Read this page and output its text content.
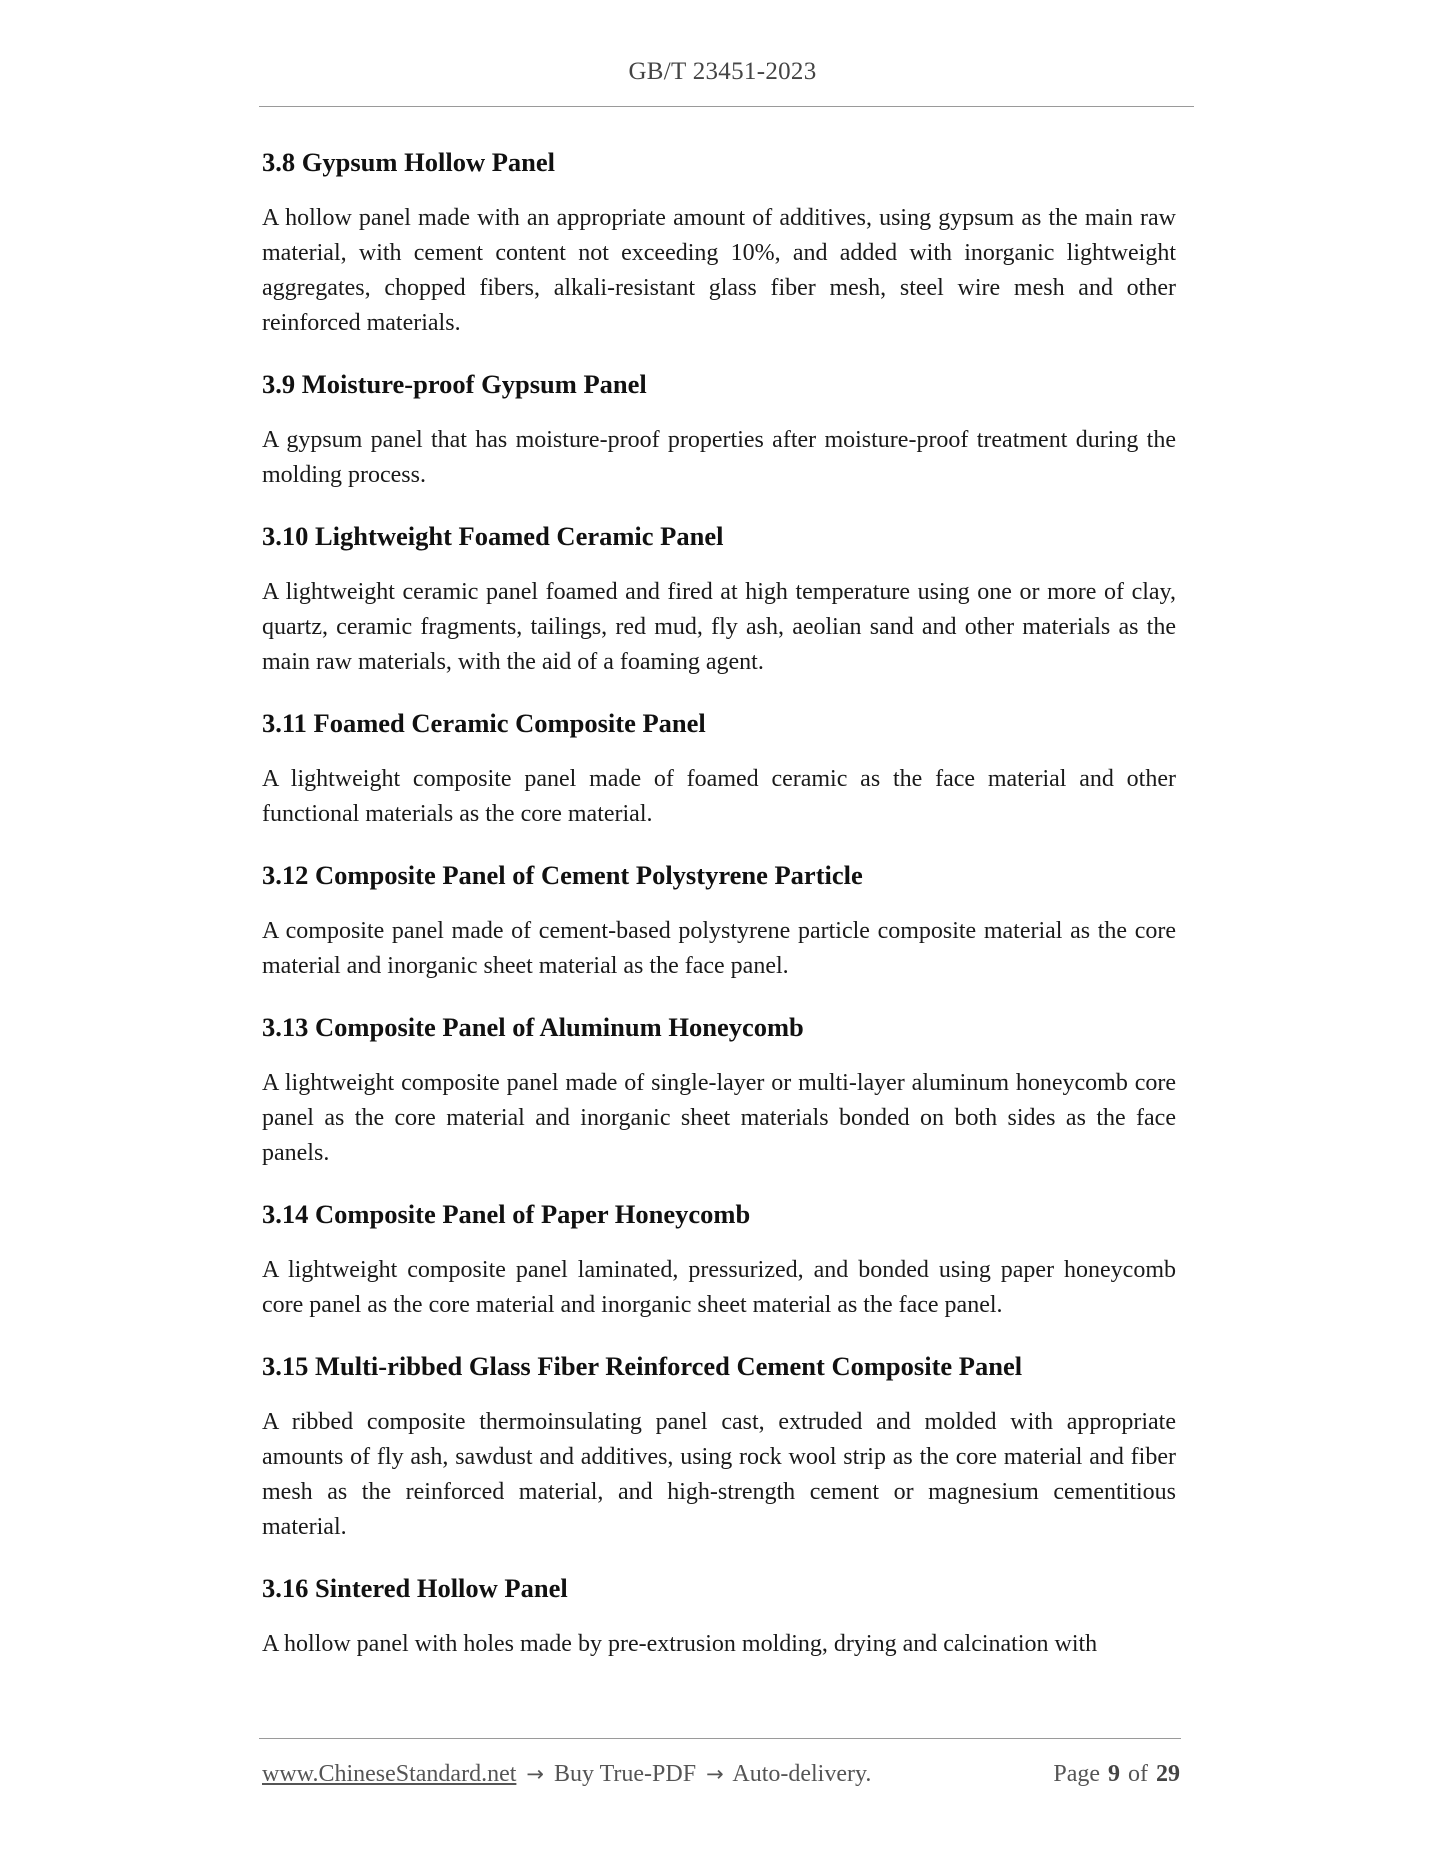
GB/T 23451-2023
3.8 Gypsum Hollow Panel
A hollow panel made with an appropriate amount of additives, using gypsum as the main raw material, with cement content not exceeding 10%, and added with inorganic lightweight aggregates, chopped fibers, alkali-resistant glass fiber mesh, steel wire mesh and other reinforced materials.
3.9 Moisture-proof Gypsum Panel
A gypsum panel that has moisture-proof properties after moisture-proof treatment during the molding process.
3.10 Lightweight Foamed Ceramic Panel
A lightweight ceramic panel foamed and fired at high temperature using one or more of clay, quartz, ceramic fragments, tailings, red mud, fly ash, aeolian sand and other materials as the main raw materials, with the aid of a foaming agent.
3.11 Foamed Ceramic Composite Panel
A lightweight composite panel made of foamed ceramic as the face material and other functional materials as the core material.
3.12 Composite Panel of Cement Polystyrene Particle
A composite panel made of cement-based polystyrene particle composite material as the core material and inorganic sheet material as the face panel.
3.13 Composite Panel of Aluminum Honeycomb
A lightweight composite panel made of single-layer or multi-layer aluminum honeycomb core panel as the core material and inorganic sheet materials bonded on both sides as the face panels.
3.14 Composite Panel of Paper Honeycomb
A lightweight composite panel laminated, pressurized, and bonded using paper honeycomb core panel as the core material and inorganic sheet material as the face panel.
3.15 Multi-ribbed Glass Fiber Reinforced Cement Composite Panel
A ribbed composite thermoinsulating panel cast, extruded and molded with appropriate amounts of fly ash, sawdust and additives, using rock wool strip as the core material and fiber mesh as the reinforced material, and high-strength cement or magnesium cementitious material.
3.16 Sintered Hollow Panel
A hollow panel with holes made by pre-extrusion molding, drying and calcination with
www.ChineseStandard.net → Buy True-PDF → Auto-delivery.	Page 9 of 29
